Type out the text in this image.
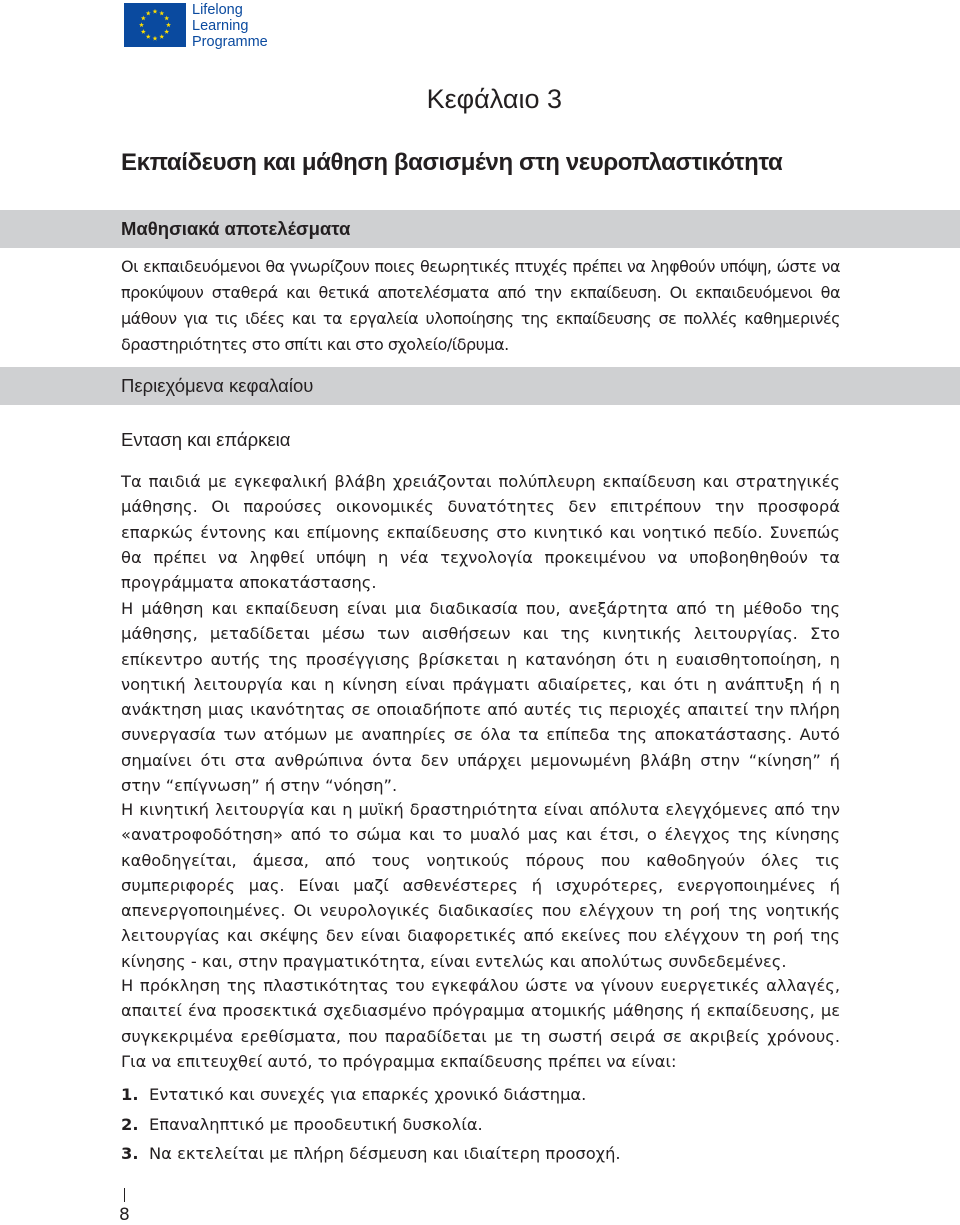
Lifelong
Learning
Programme
Κεφάλαιο 3
Εκπαίδευση και μάθηση βασισμένη στη νευροπλαστικότητα
Μαθησιακά αποτελέσματα
Οι εκπαιδευόμενοι θα γνωρίζουν ποιες θεωρητικές πτυχές πρέπει να ληφθούν υπόψη, ώστε να προκύψουν σταθερά και θετικά αποτελέσματα από την εκπαίδευση. Οι εκπαιδευόμενοι θα μάθουν για τις ιδέες και τα εργαλεία υλοποίησης της εκπαίδευσης σε πολλές καθημερινές δραστηριότητες στο σπίτι και στο σχολείο/ίδρυμα.
Περιεχόμενα κεφαλαίου
Ενταση και επάρκεια
Τα παιδιά με εγκεφαλική βλάβη χρειάζονται πολύπλευρη εκπαίδευση και στρατηγικές μάθησης. Οι παρούσες οικονομικές δυνατότητες δεν επιτρέπουν την προσφορά επαρκώς έντονης και επίμονης εκπαίδευσης στο κινητικό και νοητικό πεδίο. Συνεπώς θα πρέπει να ληφθεί υπόψη η νέα τεχνολογία προκειμένου να υποβοηθηθούν τα προγράμματα αποκατάστασης.
Η μάθηση και εκπαίδευση είναι μια διαδικασία που, ανεξάρτητα από τη μέθοδο της μάθησης, μεταδίδεται μέσω των αισθήσεων και της κινητικής λειτουργίας. Στο επίκεντρο αυτής της προσέγγισης βρίσκεται η κατανόηση ότι η ευαισθητοποίηση, η νοητική λειτουργία και η κίνηση είναι πράγματι αδιαίρετες, και ότι η ανάπτυξη ή η ανάκτηση μιας ικανότητας σε οποιαδήποτε από αυτές τις περιοχές απαιτεί την πλήρη συνεργασία των ατόμων με αναπηρίες σε όλα τα επίπεδα της αποκατάστασης. Αυτό σημαίνει ότι στα ανθρώπινα όντα δεν υπάρχει μεμονωμένη βλάβη στην “κίνηση” ή στην “επίγνωση” ή στην “νόηση”.
Η κινητική λειτουργία και η μυϊκή δραστηριότητα είναι απόλυτα ελεγχόμενες από την «ανατροφοδότηση» από το σώμα και το μυαλό μας και έτσι, ο έλεγχος της κίνησης καθοδηγείται, άμεσα, από τους νοητικούς πόρους που καθοδηγούν όλες τις συμπεριφορές μας. Είναι μαζί ασθενέστερες ή ισχυρότερες, ενεργοποιημένες ή απενεργοποιημένες. Οι νευρολογικές διαδικασίες που ελέγχουν τη ροή της νοητικής λειτουργίας και σκέψης δεν είναι διαφορετικές από εκείνες που ελέγχουν τη ροή της κίνησης - και, στην πραγματικότητα, είναι εντελώς και απολύτως συνδεδεμένες.
Η πρόκληση της πλαστικότητας του εγκεφάλου ώστε να γίνουν ευεργετικές αλλαγές, απαιτεί ένα προσεκτικά σχεδιασμένο πρόγραμμα ατομικής μάθησης ή εκπαίδευσης, με συγκεκριμένα ερεθίσματα, που παραδίδεται με τη σωστή σειρά σε ακριβείς χρόνους. Για να επιτευχθεί αυτό, το πρόγραμμα εκπαίδευσης πρέπει να είναι:
1. Εντατικό και συνεχές για επαρκές χρονικό διάστημα.
2. Επαναληπτικό με προοδευτική δυσκολία.
3. Να εκτελείται με πλήρη δέσμευση και ιδιαίτερη προσοχή.
8
